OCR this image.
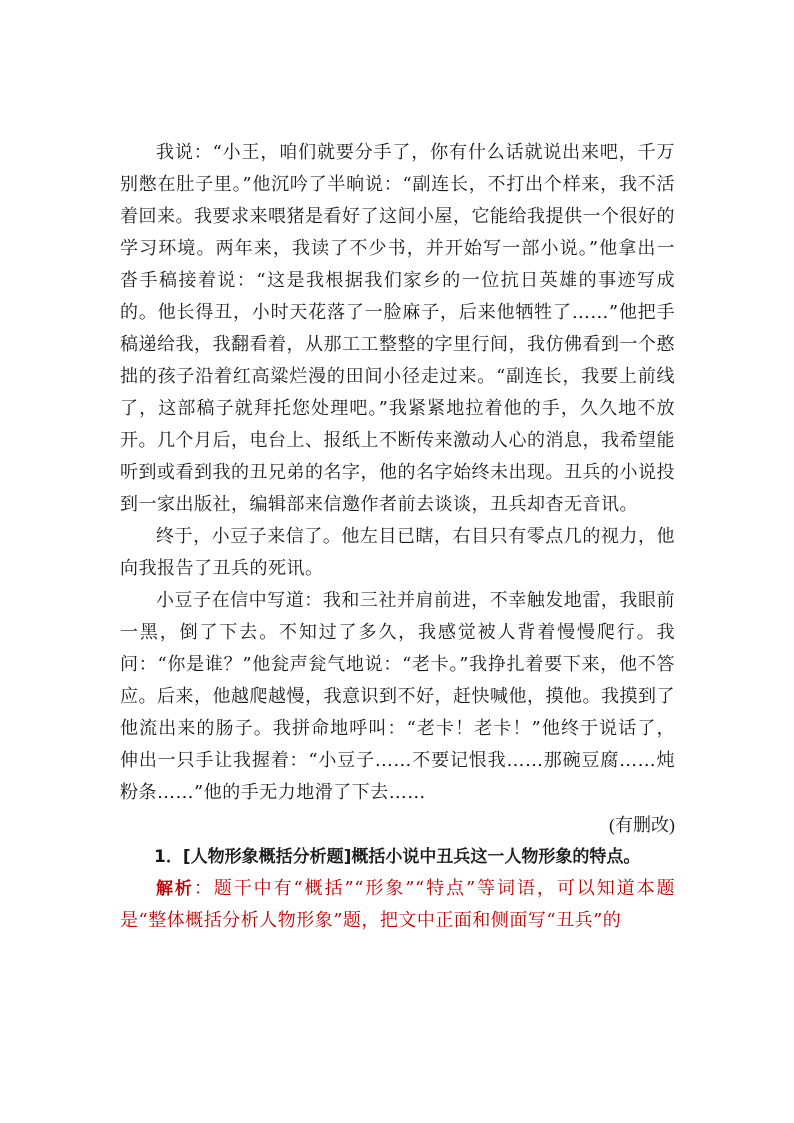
我说：“小王，咱们就要分手了，你有什么话就说出来吧，千万别憋在肚子里。”他沉吟了半晌说：“副连长，不打出个样来，我不活着回来。我要求来喂猪是看好了这间小屋，它能给我提供一个很好的学习环境。两年来，我读了不少书，并开始写一部小说。”他拿出一沓手稿接着说：“这是我根据我们家乡的一位抗日英雄的事迹写成的。他长得丑，小时天花落了一脸麻子，后来他牺牲了……”他把手稿递给我，我翻看着，从那工工整整的字里行间，我仿佛看到一个憨拙的孩子沿着红高粱烂漫的田间小径走过来。“副连长，我要上前线了，这部稿子就拜托您处理吧。”我紧紧地拉着他的手，久久地不放开。几个月后，电台上、报纸上不断传来激动人心的消息，我希望能听到或看到我的丑兄弟的名字，他的名字始终未出现。丑兵的小说投到一家出版社，编辑部来信邀作者前去谈谈，丑兵却杳无音讯。

终于，小豆子来信了。他左目已瞎，右目只有零点几的视力，他向我报告了丑兵的死讯。

小豆子在信中写道：我和三社并肩前进，不幸触发地雷，我眼前一黑，倒了下去。不知过了多久，我感觉被人背着慢慢爬行。我问：“你是谁？”他瓮声瓮气地说：“老卡。”我挣扎着要下来，他不答应。后来，他越爬越慢，我意识到不好，赶快喊他，摸他。我摸到了他流出来的肠子。我拼命地呼叫：“老卡！老卡！”他终于说话了，伸出一只手让我握着：“小豆子……不要记恨我……那碗豆腐……炖粉条……”他的手无力地滑了下去……

(有删改)

1．[人物形象概括分析题]概括小说中丑兵这一人物形象的特点。

解析：题干中有“概括”“形象”“特点”等词语，可以知道本题是“整体概括分析人物形象”题，把文中正面和侧面写“丑兵”的
